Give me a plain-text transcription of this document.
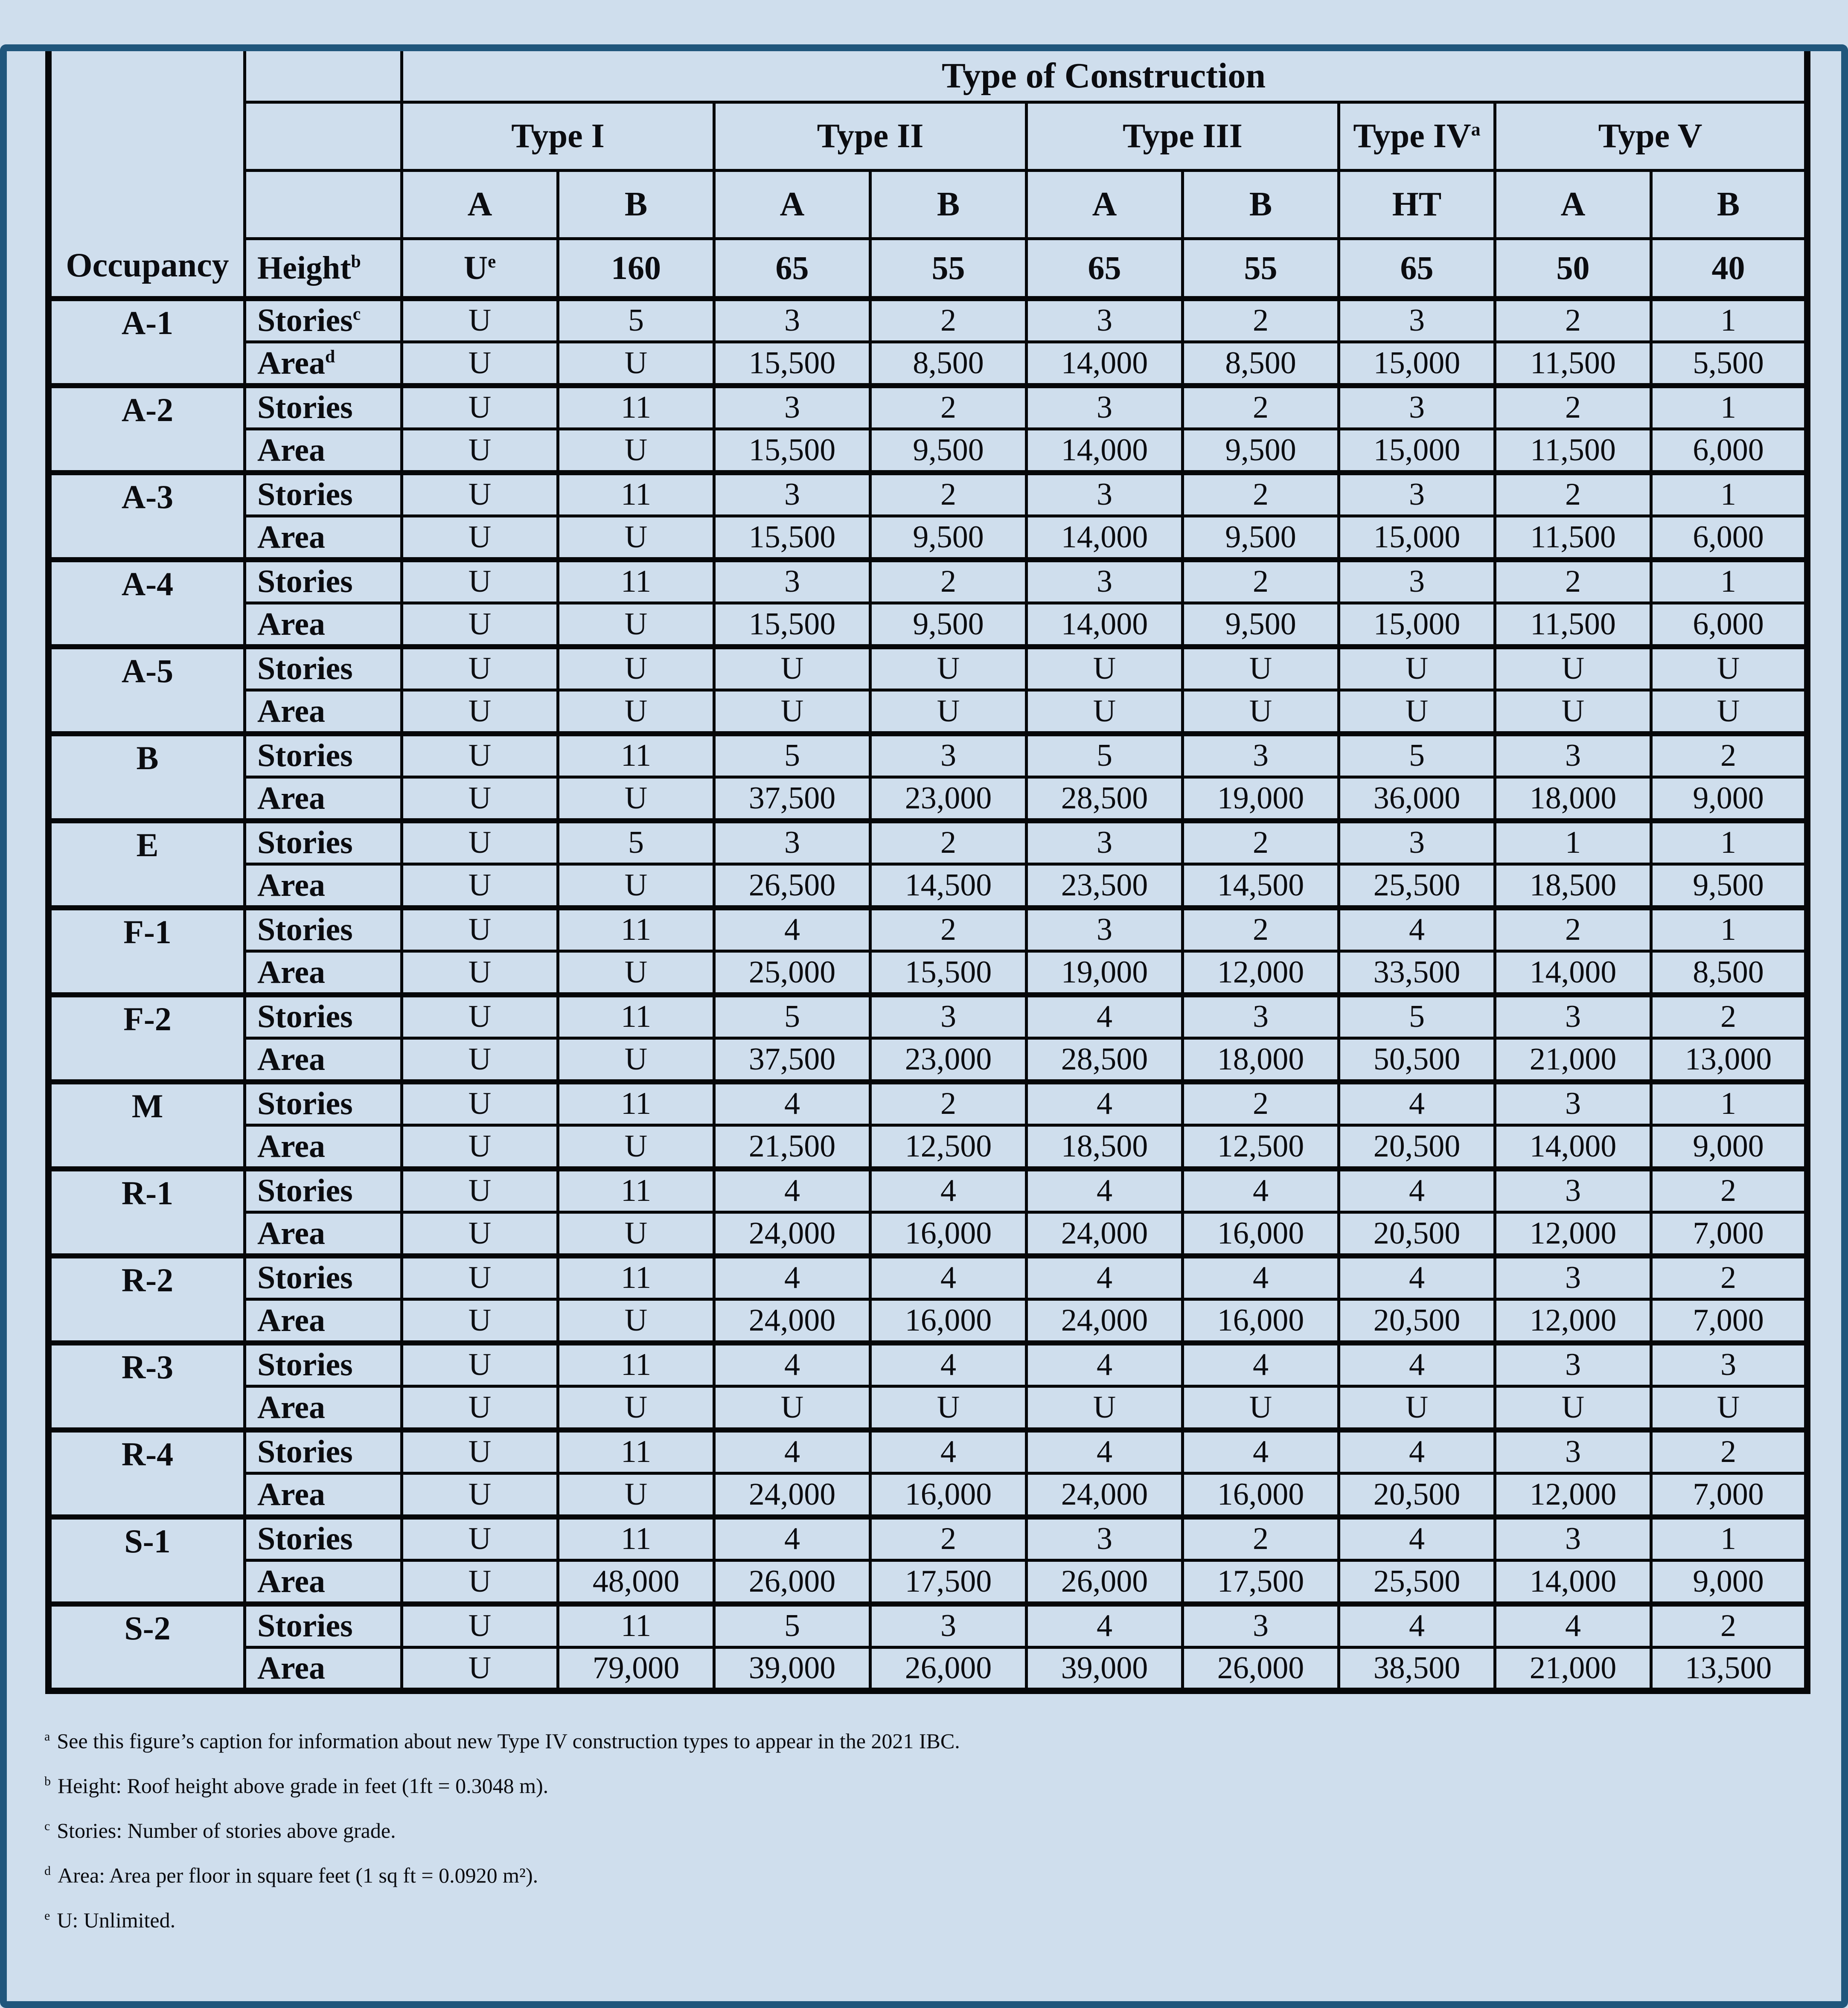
Occupancy		Type of Construction								
		Type I		Type II		Type III		Type $IV^a$	Type V	
		A	B	A	B	A	B	HT	A	B
	Height$^b$	$U^e$	160	65	55	65	55	65	50	40
A-1	Stories$^c$	U	5	3	2	3	2	3	2	1
	Area$^d$	U	U	15,500	8,500	14,000	8,500	15,000	11,500	5,500
A-2	Stories	U	11	3	2	3	2	3	2	1
	Area	U	U	15,500	9,500	14,000	9,500	15,000	11,500	6,000
A-3	Stories	U	11	3	2	3	2	3	2	1
	Area	U	U	15,500	9,500	14,000	9,500	15,000	11,500	6,000
A-4	Stories	U	11	3	2	3	2	3	2	1
	Area	U	U	15,500	9,500	14,000	9,500	15,000	11,500	6,000
A-5	Stories	U	U	U	U	U	U	U	U	U
	Area	U	U	U	U	U	U	U	U	U
B	Stories	U	11	5	3	5	3	5	3	2
	Area	U	U	37,500	23,000	28,500	19,000	36,000	18,000	9,000
E	Stories	U	5	3	2	3	2	3	1	1
	Area	U	U	26,500	14,500	23,500	14,500	25,500	18,500	9,500
F-1	Stories	U	11	4	2	3	2	4	2	1
	Area	U	U	25,000	15,500	19,000	12,000	33,500	14,000	8,500
F-2	Stories	U	11	5	3	4	3	5	3	2
	Area	U	U	37,500	23,000	28,500	18,000	50,500	21,000	13,000
M	Stories	U	11	4	2	4	2	4	3	1
	Area	U	U	21,500	12,500	18,500	12,500	20,500	14,000	9,000
R-1	Stories	U	11	4	4	4	4	4	3	2
	Area	U	U	24,000	16,000	24,000	16,000	20,500	12,000	7,000
R-2	Stories	U	11	4	4	4	4	4	3	2
	Area	U	U	24,000	16,000	24,000	16,000	20,500	12,000	7,000
R-3	Stories	U	11	4	4	4	4	4	3	3
	Area	U	U	U	U	U	U	U	U	U
R-4	Stories	U	11	4	4	4	4	4	3	2
	Area	U	U	24,000	16,000	24,000	16,000	20,500	12,000	7,000
S-1	Stories	U	11	4	2	3	2	4	3	1
	Area	U	48,000	26,000	17,500	26,000	17,500	25,500	14,000	9,000
S-2	Stories	U	11	5	3	4	3	4	4	2
	Area	U	79,000	39,000	26,000	39,000	26,000	38,500	21,000	13,500

$^a$ See this figure’s caption for information about new Type IV construction types to appear in the 2021 IBC.

$^b$ Height: Roof height above grade in feet (1ft = 0.3048 m).

$^c$ Stories: Number of stories above grade.

$^d$ Area: Area per floor in square feet (1 sq ft = 0.0920 m²).

$^e$ U: Unlimited.
